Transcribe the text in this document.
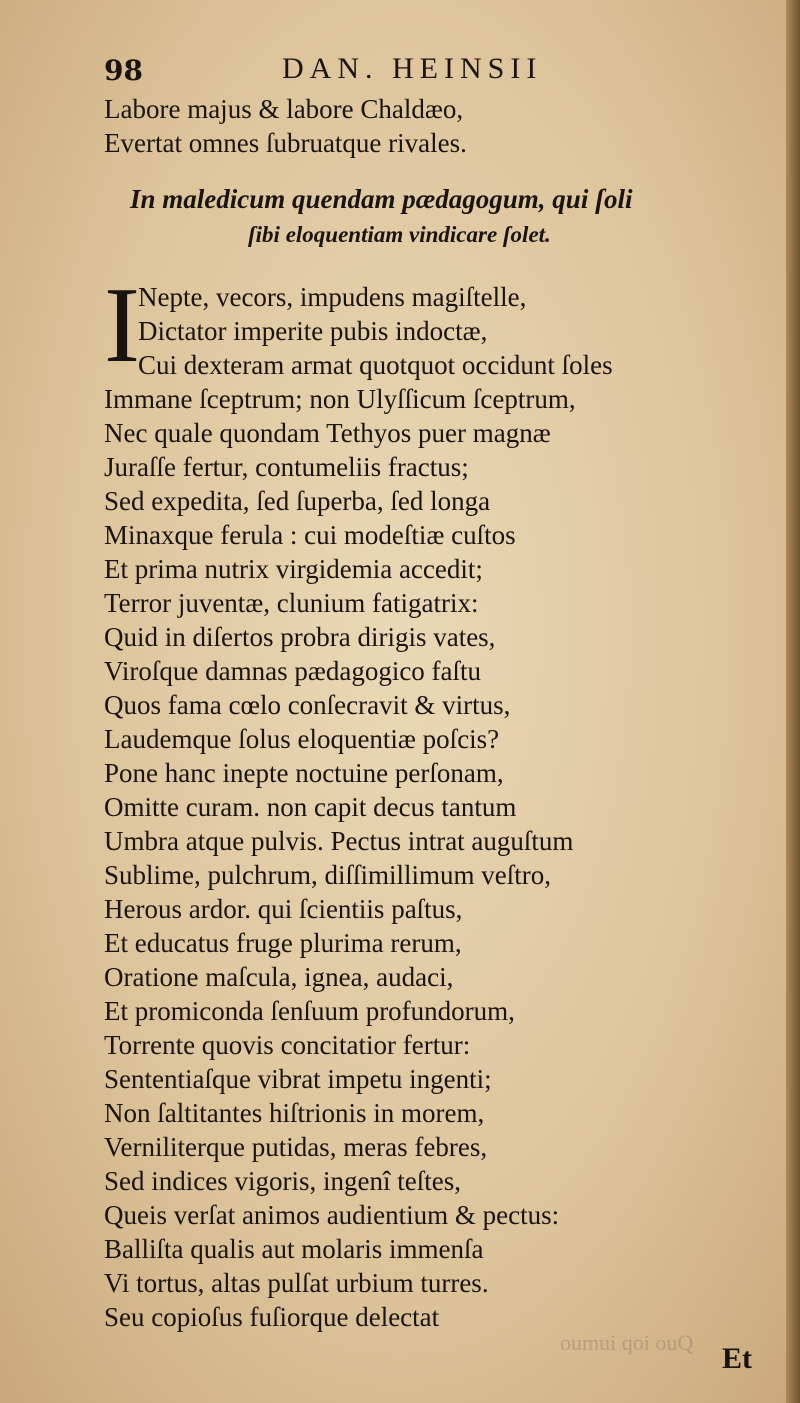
98	DAN. HEINSII
Labore majus & labore Chaldæo,
Evertat omnes ſubruatque rivales.
In maledicum quendam pædagogum, qui ſoli
ſibi eloquentiam vindicare ſolet.
I
Nepte, vecors, impudens magiſtelle,
Dictator imperite pubis indoctæ,
Cui dexteram armat quotquot occidunt ſoles
Immane ſceptrum; non Ulyſſicum ſceptrum,
Nec quale quondam Tethyos puer magnæ
Juraſſe fertur, contumeliis fractus;
Sed expedita, ſed ſuperba, ſed longa
Minaxque ferula : cui modeſtiæ cuſtos
Et prima nutrix virgidemia accedit;
Terror juventæ, clunium fatigatrix:
Quid in diſertos probra dirigis vates,
Viroſque damnas pædagogico faſtu
Quos fama cœlo conſecravit & virtus,
Laudemque ſolus eloquentiæ poſcis?
Pone hanc inepte noctuine perſonam,
Omitte curam. non capit decus tantum
Umbra atque pulvis. Pectus intrat auguſtum
Sublime, pulchrum, diſſimillimum veſtro,
Herous ardor. qui ſcientiis paſtus,
Et educatus fruge plurima rerum,
Oratione maſcula, ignea, audaci,
Et promiconda ſenſuum profundorum,
Torrente quovis concitatior fertur:
Sententiaſque vibrat impetu ingenti;
Non ſaltitantes hiſtrionis in morem,
Verniliterque putidas, meras febres,
Sed indices vigoris, ingenî teſtes,
Queis verſat animos audientium & pectus:
Balliſta qualis aut molaris immenſa
Vi tortus, altas pulſat urbium turres.
Seu copioſus fuſiorque delectat
oumui qoi ouQ Et
